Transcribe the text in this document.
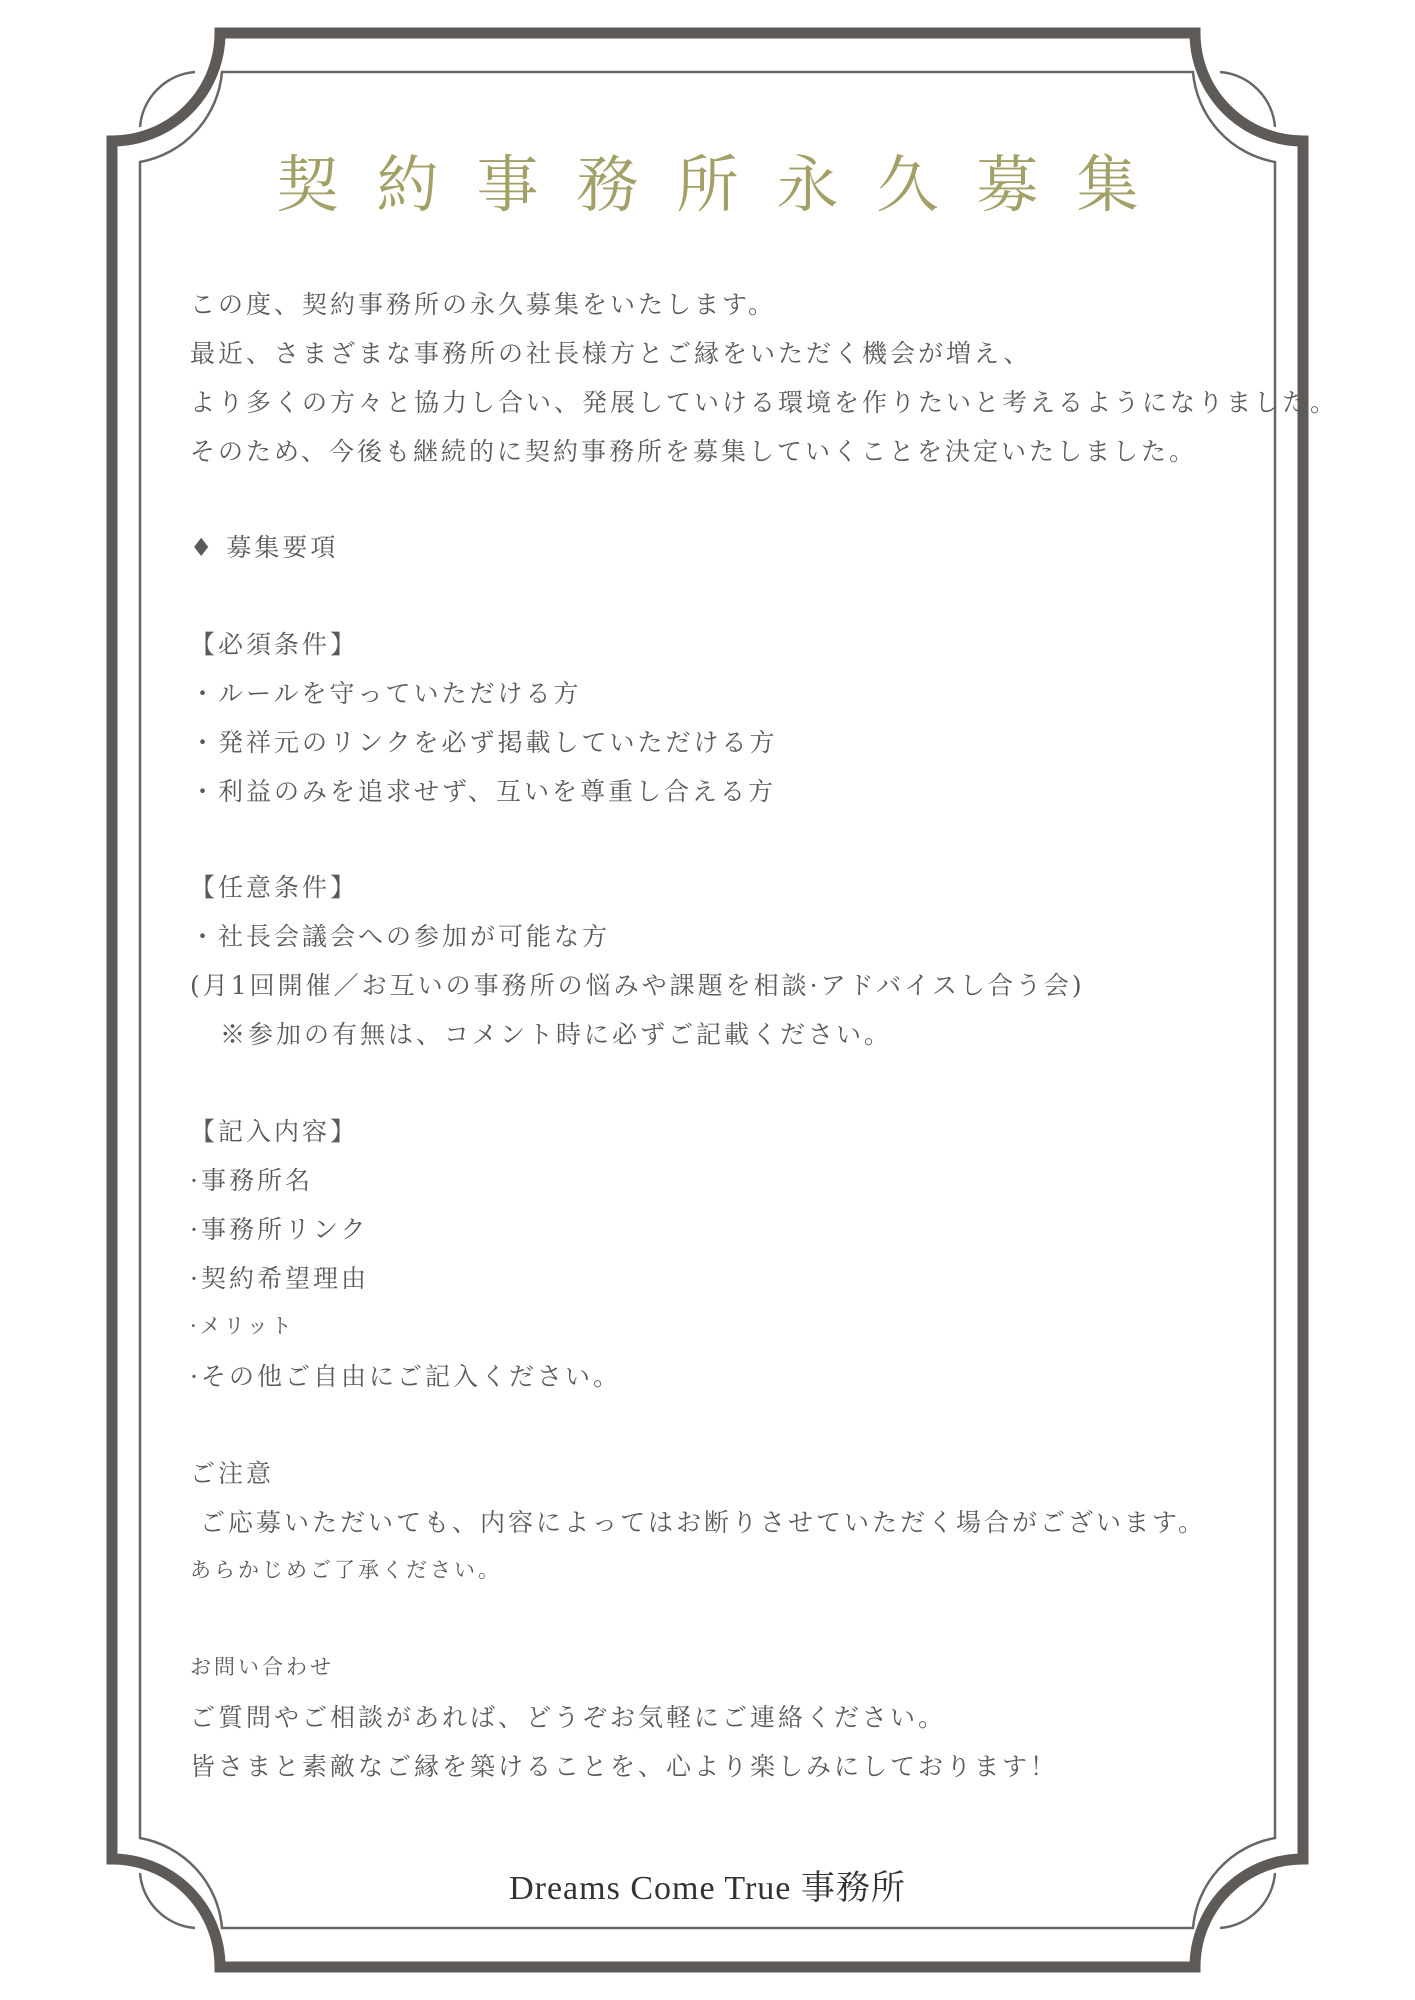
契約事務所永久募集
この度、契約事務所の永久募集をいたします。
最近、さまざまな事務所の社長様方とご縁をいただく機会が増え、
より多くの方々と協力し合い、発展していける環境を作りたいと考えるようになりました。
そのため、今後も継続的に契約事務所を募集していくことを決定いたしました。
♦ 募集要項
【必須条件】
・ルールを守っていただける方
・発祥元のリンクを必ず掲載していただける方
・利益のみを追求せず、互いを尊重し合える方
【任意条件】
・社長会議会への参加が可能な方
(月1回開催／お互いの事務所の悩みや課題を相談·アドバイスし合う会)
※参加の有無は、コメント時に必ずご記載ください。
【記入内容】
·事務所名
·事務所リンク
·契約希望理由
·メリット
·その他ご自由にご記入ください。
ご注意
ご応募いただいても、内容によってはお断りさせていただく場合がございます。
あらかじめご了承ください。
お問い合わせ
ご質問やご相談があれば、どうぞお気軽にご連絡ください。
皆さまと素敵なご縁を築けることを、心より楽しみにしております！
Dreams Come True 事務所
